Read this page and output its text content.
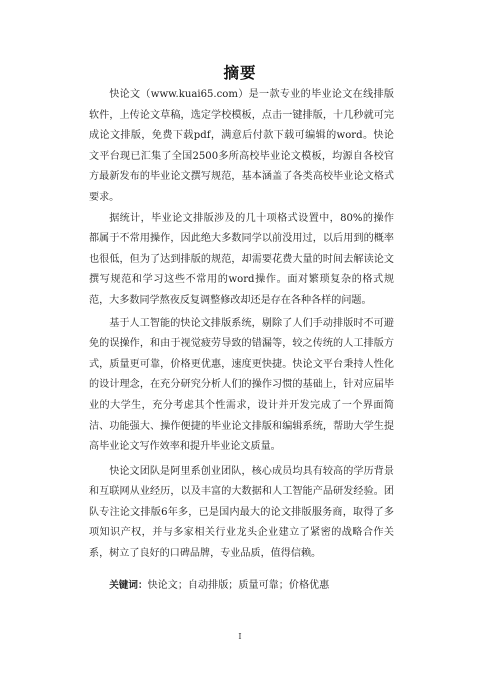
摘要

快论文（www.kuai65.com）是一款专业的毕业论文在线排版软件，上传论文草稿，选定学校模板，点击一键排版，十几秒就可完成论文排版，免费下载pdf，满意后付款下载可编辑的word。快论文平台现已汇集了全国2500多所高校毕业论文模板，均源自各校官方最新发布的毕业论文撰写规范，基本涵盖了各类高校毕业论文格式要求。

据统计，毕业论文排版涉及的几十项格式设置中，80%的操作都属于不常用操作，因此绝大多数同学以前没用过，以后用到的概率也很低，但为了达到排版的规范，却需要花费大量的时间去解读论文撰写规范和学习这些不常用的word操作。面对繁琐复杂的格式规范，大多数同学熬夜反复调整修改却还是存在各种各样的问题。

基于人工智能的快论文排版系统，剔除了人们手动排版时不可避免的误操作，和由于视觉疲劳导致的错漏等，较之传统的人工排版方式，质量更可靠，价格更优惠，速度更快捷。快论文平台秉持人性化的设计理念，在充分研究分析人们的操作习惯的基础上，针对应届毕业的大学生，充分考虑其个性需求，设计并开发完成了一个界面简洁、功能强大、操作便捷的毕业论文排版和编辑系统，帮助大学生提高毕业论文写作效率和提升毕业论文质量。

快论文团队是阿里系创业团队，核心成员均具有较高的学历背景和互联网从业经历，以及丰富的大数据和人工智能产品研发经验。团队专注论文排版6年多，已是国内最大的论文排版服务商，取得了多项知识产权，并与多家相关行业龙头企业建立了紧密的战略合作关系，树立了良好的口碑品牌，专业品质，值得信赖。

关键词：快论文；自动排版；质量可靠；价格优惠
I
